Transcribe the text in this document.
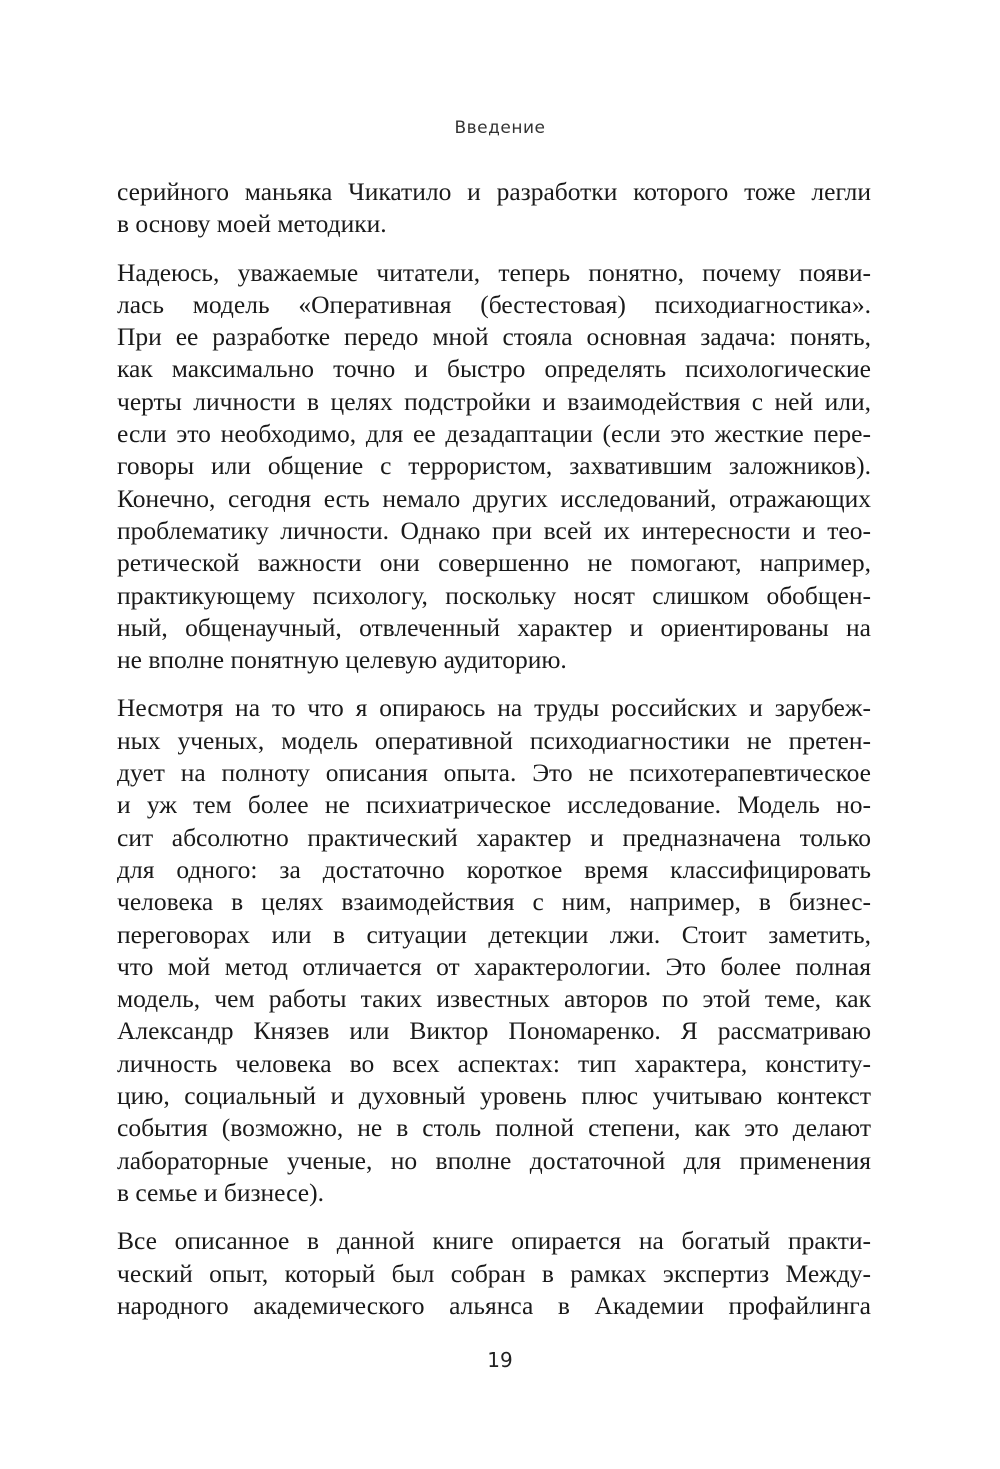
Введение

серийного маньяка Чикатило и разработки которого тоже легли
в основу моей методики.

Надеюсь, уважаемые читатели, теперь понятно, почему появи-
лась модель «Оперативная (бестестовая) психодиагностика».
При ее разработке передо мной стояла основная задача: понять,
как максимально точно и быстро определять психологические
черты личности в целях подстройки и взаимодействия с ней или,
если это необходимо, для ее дезадаптации (если это жесткие пере-
говоры или общение с террористом, захватившим заложников).
Конечно, сегодня есть немало других исследований, отражающих
проблематику личности. Однако при всей их интересности и тео-
ретической важности они совершенно не помогают, например,
практикующему психологу, поскольку носят слишком обобщен-
ный, общенаучный, отвлеченный характер и ориентированы на
не вполне понятную целевую аудиторию.

Несмотря на то что я опираюсь на труды российских и зарубеж-
ных ученых, модель оперативной психодиагностики не претен-
дует на полноту описания опыта. Это не психотерапевтическое
и уж тем более не психиатрическое исследование. Модель но-
сит абсолютно практический характер и предназначена только
для одного: за достаточно короткое время классифицировать
человека в целях взаимодействия с ним, например, в бизнес-
переговорах или в ситуации детекции лжи. Стоит заметить,
что мой метод отличается от характерологии. Это более полная
модель, чем работы таких известных авторов по этой теме, как
Александр Князев или Виктор Пономаренко. Я рассматриваю
личность человека во всех аспектах: тип характера, конститу-
цию, социальный и духовный уровень плюс учитываю контекст
события (возможно, не в столь полной степени, как это делают
лабораторные ученые, но вполне достаточной для применения
в семье и бизнесе).

Все описанное в данной книге опирается на богатый практи-
ческий опыт, который был собран в рамках экспертиз Между-
народного академического альянса в Академии профайлинга

19
